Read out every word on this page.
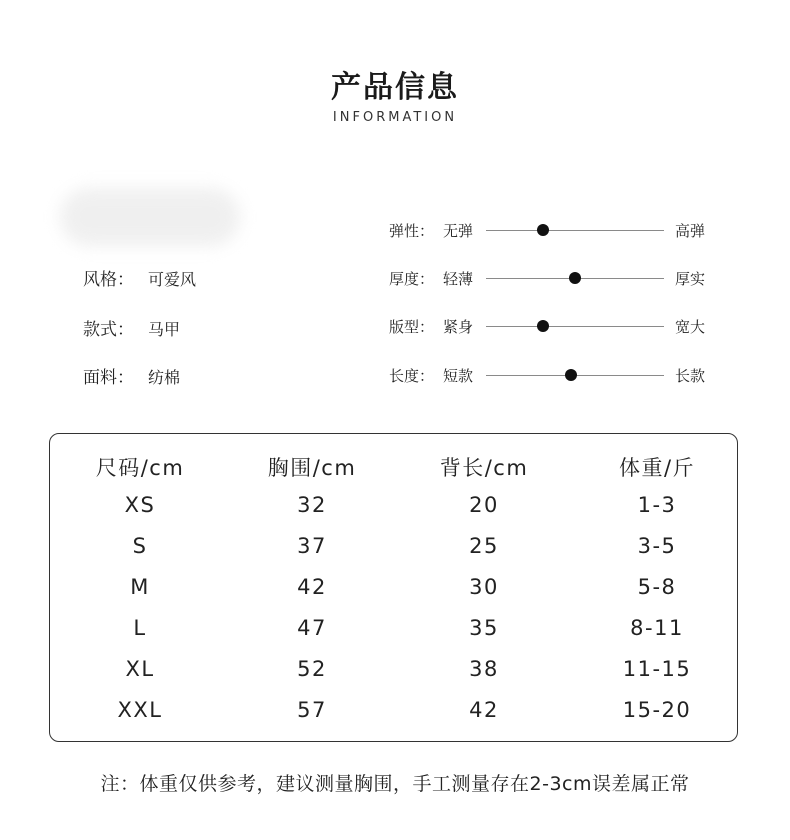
产品信息
INFORMATION
风格： 可爱风
款式： 马甲
面料： 纺棉
弹性： 无弹	高弹
厚度： 轻薄	厚实
版型： 紧身	宽大
长度： 短款	长款
尺码/cm	胸围/cm	背长/cm	体重/斤
XS	32	20	1-3
S	37	25	3-5
M	42	30	5-8
L	47	35	8-11
XL	52	38	11-15
XXL	57	42	15-20
注：体重仅供参考，建议测量胸围，手工测量存在2-3cm误差属正常
